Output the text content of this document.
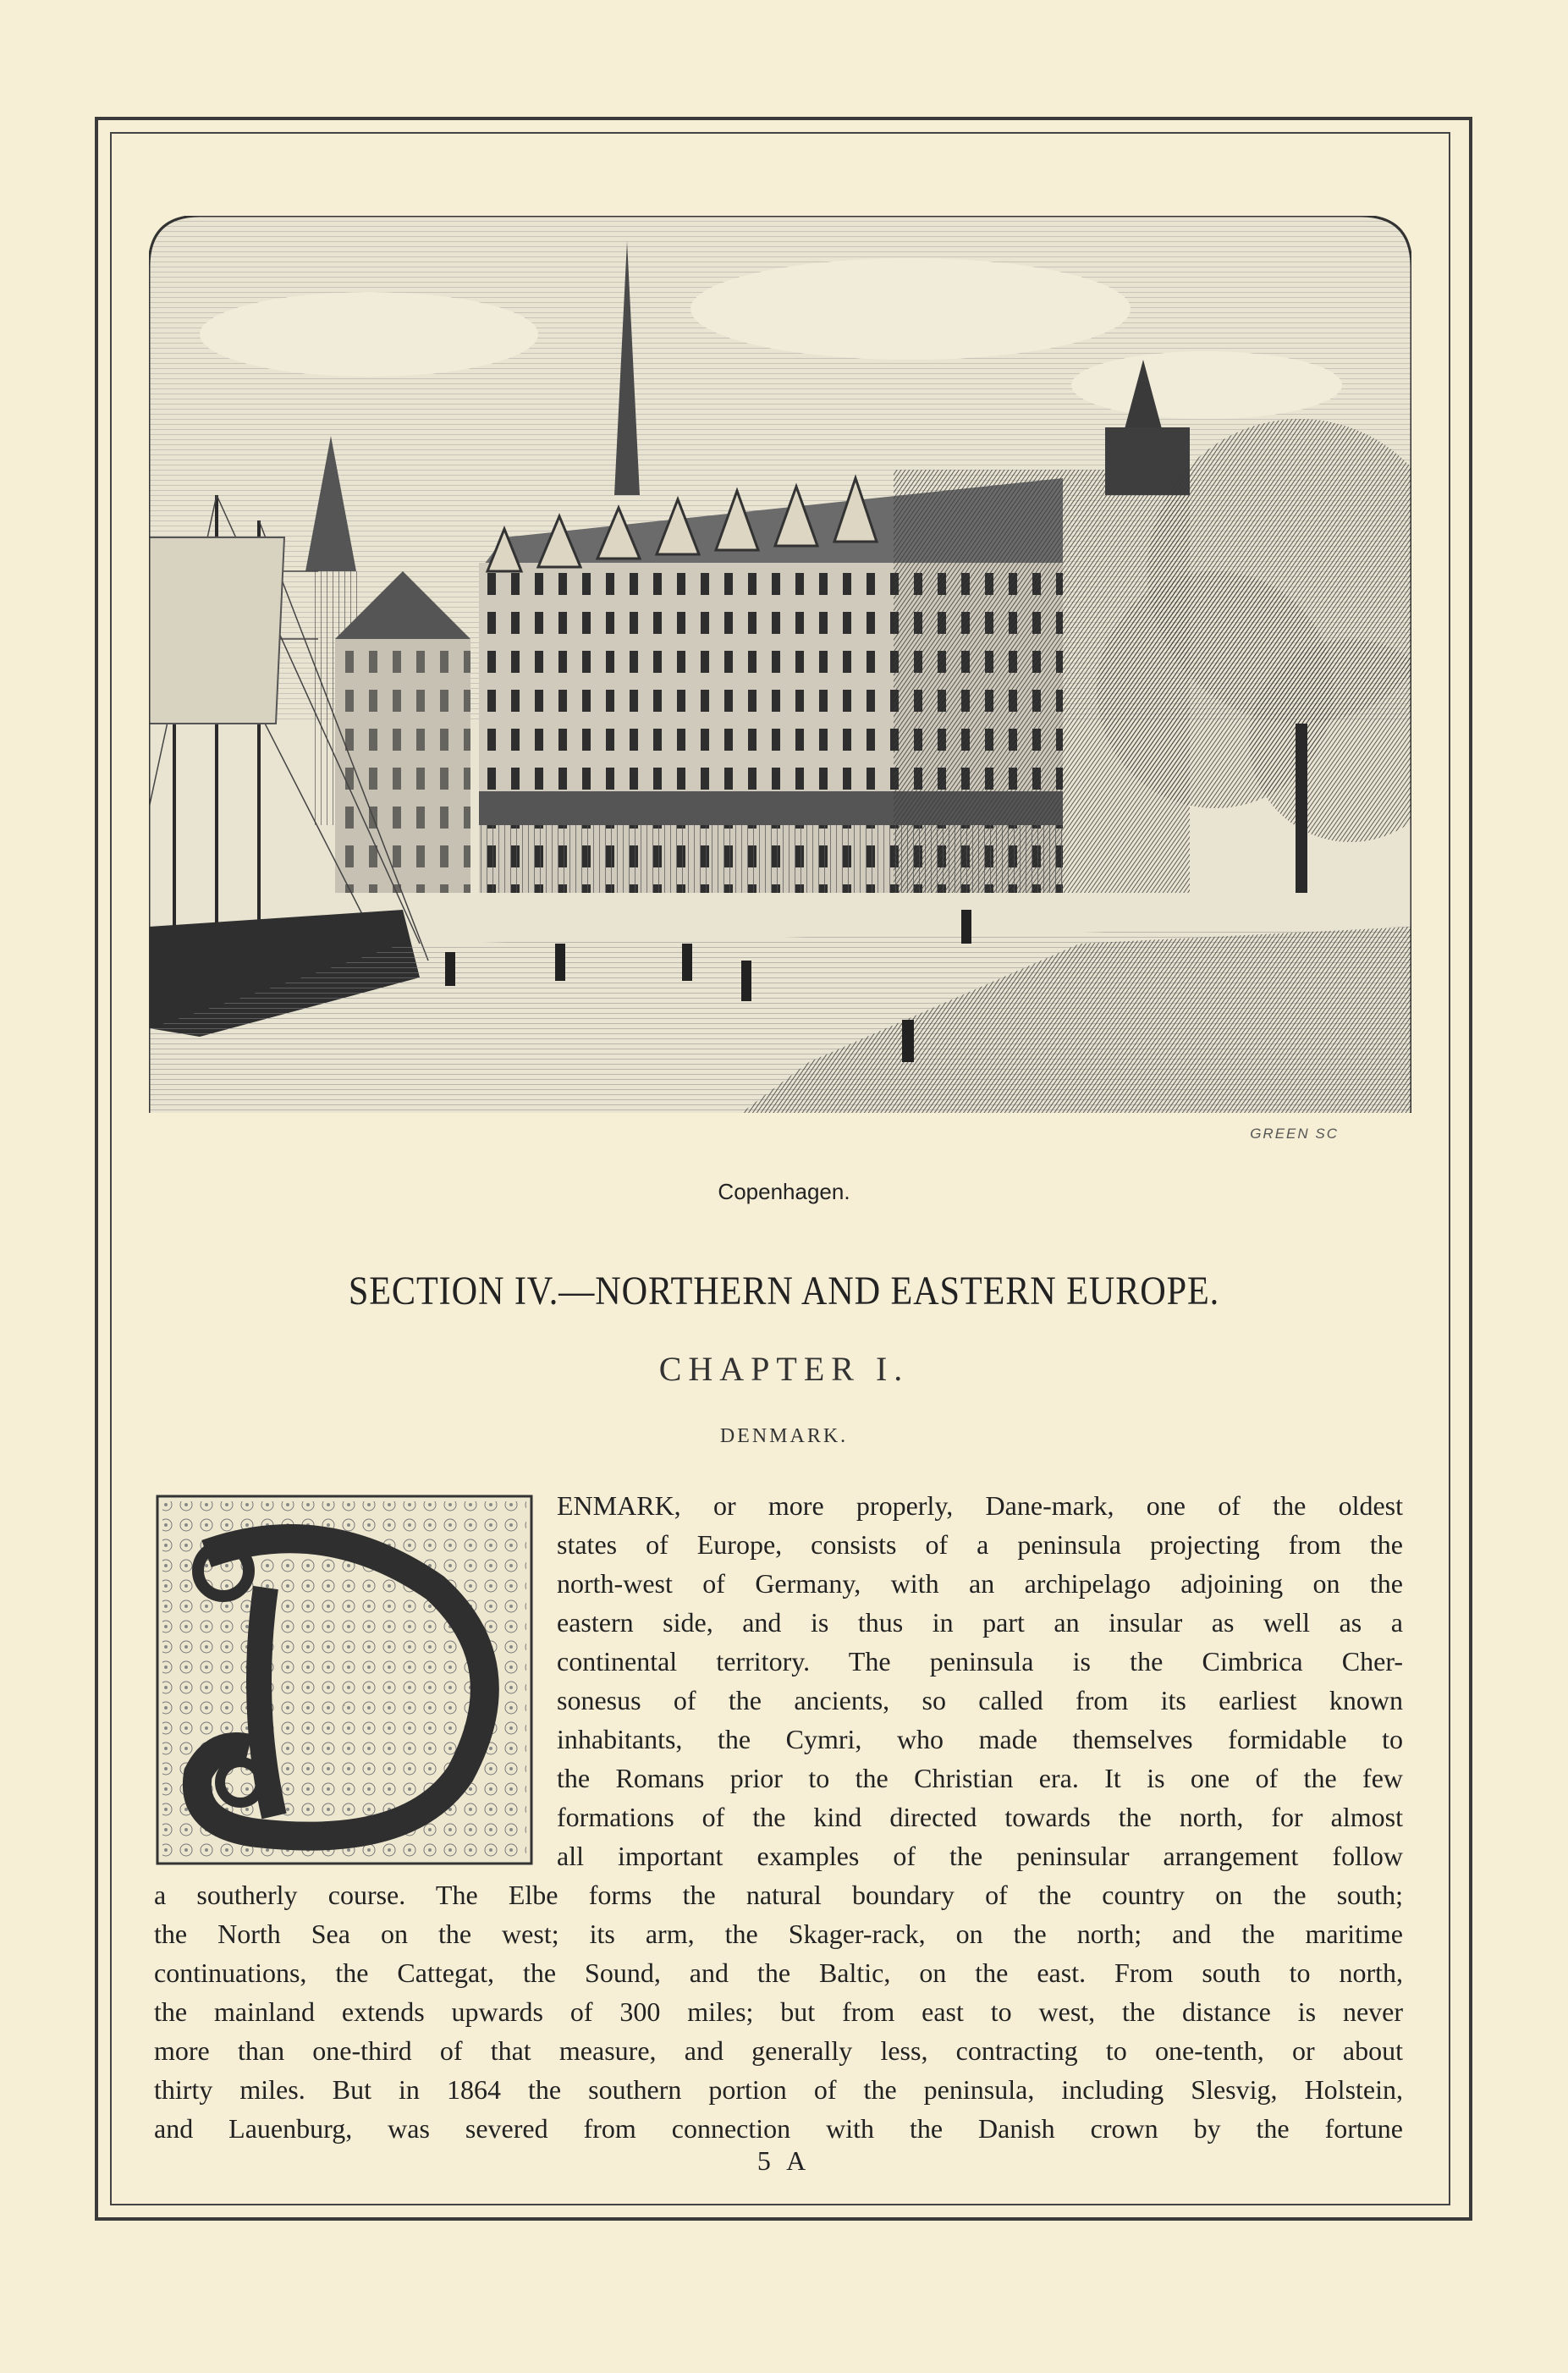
GREEN SC
Copenhagen.
SECTION IV.—NORTHERN AND EASTERN EUROPE.
CHAPTER I.
DENMARK.
D
ENMARK, or more properly, Dane-mark, one of the oldest
states of Europe, consists of a peninsula projecting from the
north-west of Germany, with an archipelago adjoining on the
eastern side, and is thus in part an insular as well as a
continental territory. The peninsula is the Cimbrica Cher-
sonesus of the ancients, so called from its earliest known
inhabitants, the Cymri, who made themselves formidable to
the Romans prior to the Christian era. It is one of the few
formations of the kind directed towards the north, for almost
all important examples of the peninsular arrangement follow
a southerly course. The Elbe forms the natural boundary of the country on the south;
the North Sea on the west; its arm, the Skager-rack, on the north; and the maritime
continuations, the Cattegat, the Sound, and the Baltic, on the east. From south to north,
the mainland extends upwards of 300 miles; but from east to west, the distance is never
more than one-third of that measure, and generally less, contracting to one-tenth, or about
thirty miles. But in 1864 the southern portion of the peninsula, including Slesvig, Holstein,
and Lauenburg, was severed from connection with the Danish crown by the fortune
5 A
